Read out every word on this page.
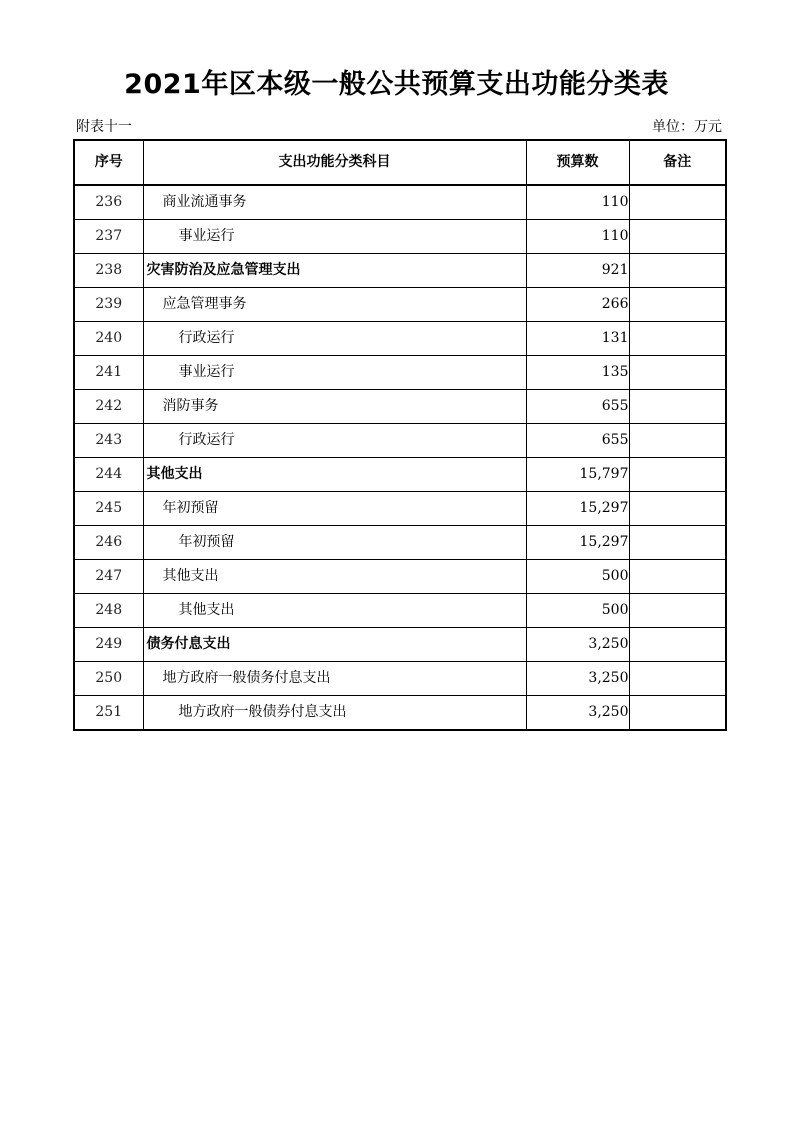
2021年区本级一般公共预算支出功能分类表
附表十一	单位：万元
序号	支出功能分类科目	预算数	备注
236	商业流通事务	110	
237	事业运行	110	
238	灾害防治及应急管理支出	921	
239	应急管理事务	266	
240	行政运行	131	
241	事业运行	135	
242	消防事务	655	
243	行政运行	655	
244	其他支出	15,797	
245	年初预留	15,297	
246	年初预留	15,297	
247	其他支出	500	
248	其他支出	500	
249	债务付息支出	3,250	
250	地方政府一般债务付息支出	3,250	
251	地方政府一般债券付息支出	3,250	
